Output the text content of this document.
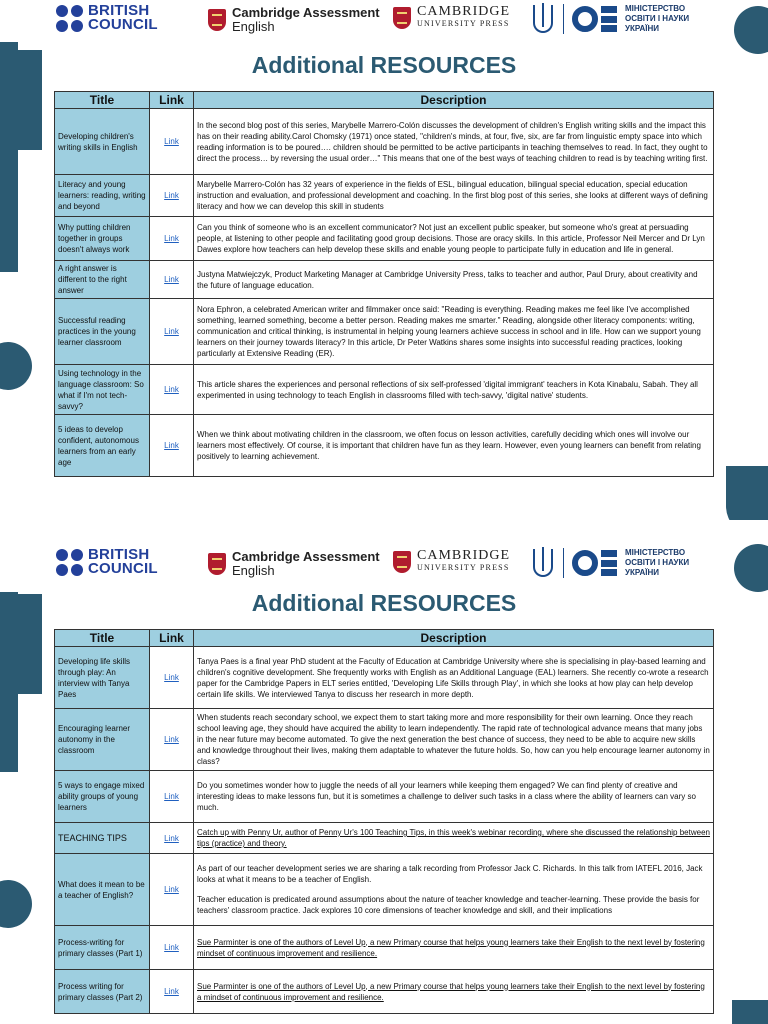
BRITISH
COUNCIL
Cambridge Assessment
English
CAMBRIDGE
UNIVERSITY PRESS
МІНІСТЕРСТВО
ОСВІТИ І НАУКИ
УКРАЇНИ
Additional RESOURCES
Title	Link	Description
Developing children's writing skills in English	Link	In the second blog post of this series, Marybelle Marrero-Colón discusses the development of children's English writing skills and the impact this has on their reading ability.Carol Chomsky (1971) once stated, "children's minds, at four, five, six, are far from linguistic empty space into which reading information is to be poured…. children should be permitted to be active participants in teaching themselves to read. In fact, they ought to direct the process… by reversing the usual order…" This means that one of the best ways of teaching children to read is by teaching writing first.
Literacy and young learners: reading, writing and beyond	Link	Marybelle Marrero-Colón has 32 years of experience in the fields of ESL, bilingual education, bilingual special education, special education instruction and evaluation, and professional development and coaching. In the first blog post of this series, she looks at different ways of defining literacy and how we can develop this skill in students
Why putting children together in groups doesn't always work	Link	Can you think of someone who is an excellent communicator? Not just an excellent public speaker, but someone who's great at persuading people, at listening to other people and facilitating good group decisions. Those are oracy skills. In this article, Professor Neil Mercer and Dr Lyn Dawes explore how teachers can help develop these skills and enable young people to participate fully in education and life in general.
A right answer is different to the right answer	Link	Justyna Matwiejczyk, Product Marketing Manager at Cambridge University Press, talks to teacher and author, Paul Drury, about creativity and the future of language education.
Successful reading practices in the young learner classroom	Link	Nora Ephron, a celebrated American writer and filmmaker once said: "Reading is everything. Reading makes me feel like I've accomplished something, learned something, become a better person. Reading makes me smarter." Reading, alongside other literacy components: writing, communication and critical thinking, is instrumental in helping young learners achieve success in school and in life. How can we support young learners on their journey towards literacy? In this article, Dr Peter Watkins shares some insights into successful reading practices, looking particularly at Extensive Reading (ER).
Using technology in the language classroom: So what if I'm not tech-savvy?	Link	This article shares the experiences and personal reflections of six self-professed 'digital immigrant' teachers in Kota Kinabalu, Sabah. They all experimented in using technology to teach English in classrooms filled with tech-savvy, 'digital native' students.
5 ideas to develop confident, autonomous learners from an early age	Link	When we think about motivating children in the classroom, we often focus on lesson activities, carefully deciding which ones will involve our learners most effectively. Of course, it is important that children have fun as they learn. However, even young learners can benefit from relating positively to learning achievement.
BRITISH
COUNCIL
Cambridge Assessment
English
CAMBRIDGE
UNIVERSITY PRESS
МІНІСТЕРСТВО
ОСВІТИ І НАУКИ
УКРАЇНИ
Additional RESOURCES
Title	Link	Description
Developing life skills through play: An interview with Tanya Paes	Link	Tanya Paes is a final year PhD student at the Faculty of Education at Cambridge University where she is specialising in play-based learning and children's cognitive development. She frequently works with English as an Additional Language (EAL) learners. She recently co-wrote a research paper for the Cambridge Papers in ELT series entitled, 'Developing Life Skills through Play', in which she looks at how play can help develop certain life skills. We interviewed Tanya to discuss her research in more depth.
Encouraging learner autonomy in the classroom	Link	When students reach secondary school, we expect them to start taking more and more responsibility for their own learning. Once they reach school leaving age, they should have acquired the ability to learn independently. The rapid rate of technological advance means that many jobs in the near future may become automated. To give the next generation the best chance of success, they need to be able to acquire new skills and knowledge throughout their lives, making them adaptable to whatever the future holds. So, how can you help encourage learner autonomy in class?
5 ways to engage mixed ability groups of young learners	Link	Do you sometimes wonder how to juggle the needs of all your learners while keeping them engaged? We can find plenty of creative and interesting ideas to make lessons fun, but it is sometimes a challenge to deliver such tasks in a class where the ability of learners can vary so much.
TEACHING TIPS	Link	Catch up with Penny Ur, author of Penny Ur's 100 Teaching Tips, in this week's webinar recording, where she discussed the relationship between tips (practice) and theory.
What does it mean to be a teacher of English?	Link	As part of our teacher development series we are sharing a talk recording from Professor Jack C. Richards. In this talk from IATEFL 2016, Jack looks at what it means to be a teacher of English.
Teacher education is predicated around assumptions about the nature of teacher knowledge and teacher-learning. These provide the basis for teachers' classroom practice. Jack explores 10 core dimensions of teacher knowledge and skill, and their implications

Process-writing for primary classes (Part 1)	Link	Sue Parminter is one of the authors of Level Up, a new Primary course that helps young learners take their English to the next level by fostering mindset of continuous improvement and resilience.
Process writing for primary classes (Part 2)	Link	Sue Parminter is one of the authors of Level Up, a new Primary course that helps young learners take their English to the next level by fostering a mindset of continuous improvement and resilience.
